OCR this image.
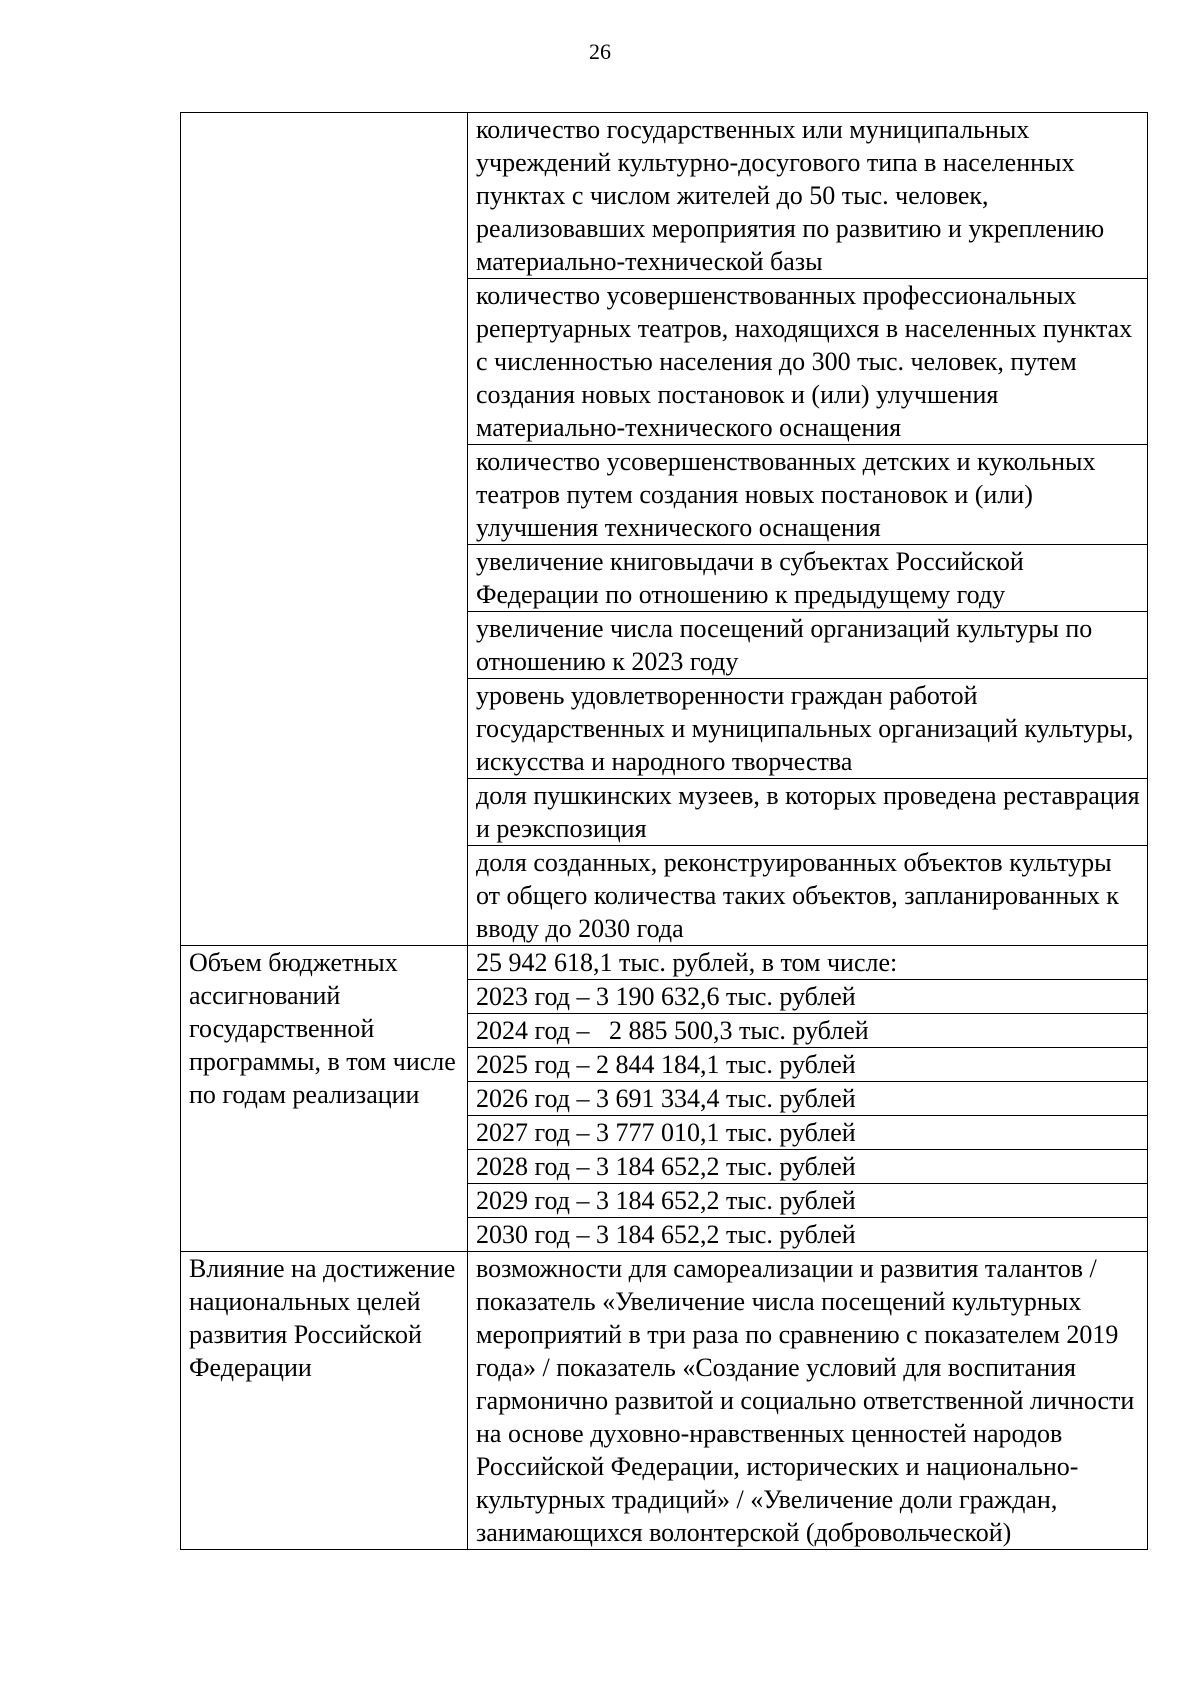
26

	количество государственных или муниципальных учреждений культурно-досугового типа в населенных пунктах с числом жителей до 50 тыс. человек, реализовавших мероприятия по развитию и укреплению материально-технической базы

	количество усовершенствованных профессиональных репертуарных театров, находящихся в населенных пунктах с численностью населения до 300 тыс. человек, путем создания новых постановок и (или) улучшения материально-технического оснащения

	количество усовершенствованных детских и кукольных театров путем создания новых постановок и (или) улучшения технического оснащения

	увеличение книговыдачи в субъектах Российской Федерации по отношению к предыдущему году

	увеличение числа посещений организаций культуры по отношению к 2023 году

	уровень удовлетворенности граждан работой государственных и муниципальных организаций культуры, искусства и народного творчества

	доля пушкинских музеев, в которых проведена реставрация и реэкспозиция

	доля созданных, реконструированных объектов культуры от общего количества таких объектов, запланированных к вводу до 2030 года

Объем бюджетных ассигнований государственной программы, в том числе по годам реализации	25 942 618,1 тыс. рублей, в том числе:
	2023 год – 3 190 632,6 тыс. рублей
	2024 год –   2 885 500,3 тыс. рублей
	2025 год – 2 844 184,1 тыс. рублей
	2026 год – 3 691 334,4 тыс. рублей
	2027 год – 3 777 010,1 тыс. рублей
	2028 год – 3 184 652,2 тыс. рублей
	2029 год – 3 184 652,2 тыс. рублей
	2030 год – 3 184 652,2 тыс. рублей

Влияние на достижение национальных целей развития Российской Федерации	возможности для самореализации и развития талантов / показатель «Увеличение числа посещений культурных мероприятий в три раза по сравнению с показателем 2019 года» / показатель «Создание условий для воспитания гармонично развитой и социально ответственной личности на основе духовно-нравственных ценностей народов Российской Федерации, исторических и национально-культурных традиций» / «Увеличение доли граждан, занимающихся волонтерской (добровольческой)
